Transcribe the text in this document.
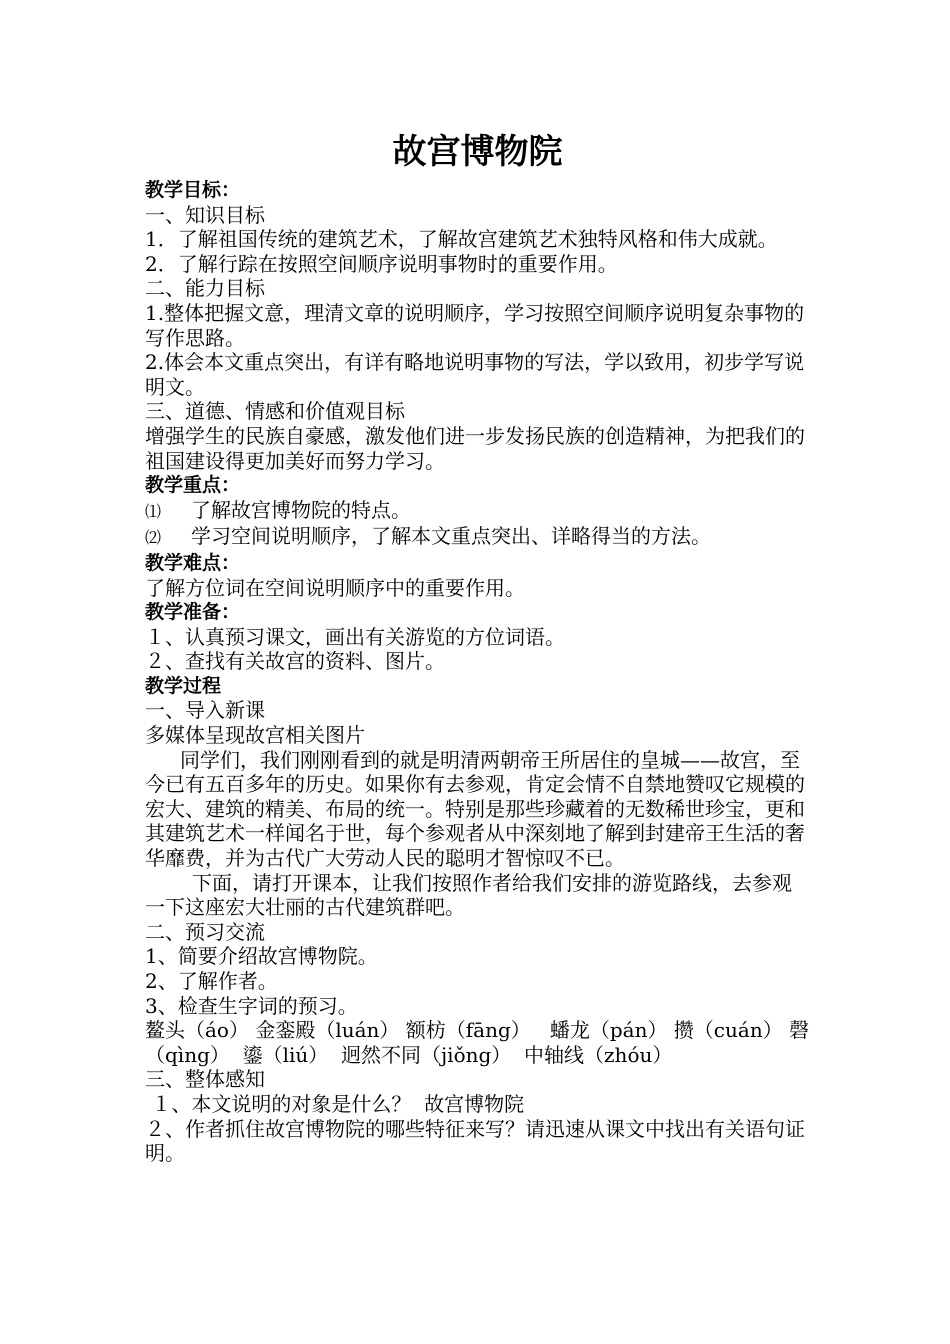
故宫博物院

教学目标：

一、知识目标

1．了解祖国传统的建筑艺术，了解故宫建筑艺术独特风格和伟大成就。

2．了解行踪在按照空间顺序说明事物时的重要作用。

二、能力目标

1.整体把握文意，理清文章的说明顺序，学习按照空间顺序说明复杂事物的写作思路。

2.体会本文重点突出，有详有略地说明事物的写法，学以致用，初步学写说明文。

三、道德、情感和价值观目标

增强学生的民族自豪感，激发他们进一步发扬民族的创造精神，为把我们的祖国建设得更加美好而努力学习。

教学重点：

⑴ 了解故宫博物院的特点。

⑵ 学习空间说明顺序，了解本文重点突出、详略得当的方法。

教学难点：

了解方位词在空间说明顺序中的重要作用。

教学准备：

１、认真预习课文，画出有关游览的方位词语。

２、查找有关故宫的资料、图片。

教学过程

一、导入新课

多媒体呈现故宫相关图片

同学们，我们刚刚看到的就是明清两朝帝王所居住的皇城——故宫，至今已有五百多年的历史。如果你有去参观，肯定会情不自禁地赞叹它规模的宏大、建筑的精美、布局的统一。特别是那些珍藏着的无数稀世珍宝，更和其建筑艺术一样闻名于世，每个参观者从中深刻地了解到封建帝王生活的奢华靡费，并为古代广大劳动人民的聪明才智惊叹不已。

下面，请打开课本，让我们按照作者给我们安排的游览路线，去参观一下这座宏大壮丽的古代建筑群吧。

二、预习交流

1、简要介绍故宫博物院。

2、了解作者。

3、检查生字词的预习。

鳌头（áo） 金銮殿（luán） 额枋（fāng）   蟠龙（pán） 攒（cuán） 磬（qìng）  鎏（liú）  迥然不同（jiǒng）  中轴线（zhóu）

三、整体感知

１、本文说明的对象是什么？  故宫博物院

２、作者抓住故宫博物院的哪些特征来写？请迅速从课文中找出有关语句证明。
